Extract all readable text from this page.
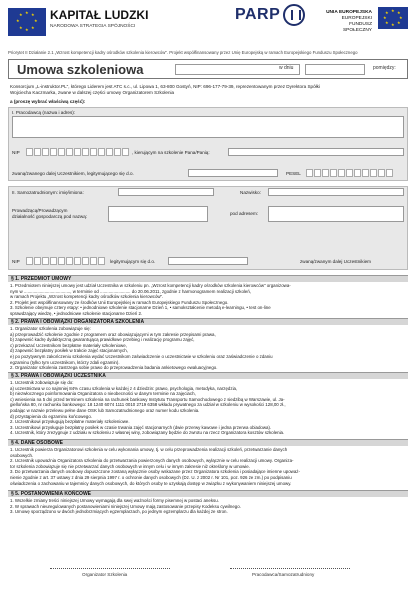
★ ★
★
★
★
★
★
★ KAPITAŁ LUDZKI
NARODOWA STRATEGIA SPÓJNOŚCI
PARP	UNIA EUROPEJSKA
EUROPEJSKI
FUNDUSZ SPOŁECZNY
★ ★
★
★
★
★
★
★
Priorytet II Działanie 2.1 „Wzrost kompetencji kadry ośrodków szkolenia kierowców". Projekt współfinansowany przez Unię Europejską w ramach Europejskiego Funduszu Społecznego
Umowa szkoleniowa	w dniu	pomiędzy:
Konsorcjum „L-instruktor.PL", którego Liderem jest ATC s.c., ul. Lipowa 1, 63-800 Gostyń, NIP: 696-177-79-39, reprezentowanym przez Dyrektora Spółki
Wojciecha Kaczmarka, zwane w dalszej części umowy Organizatorem Szkolenia
a (proszę wybrać właściwą część):
I. Pracodawcą (nazwa i adres):
NIP	, kierującym na szkolenie Pana/Panią:
zwaną/zwanego dalej Uczestnikiem, legitymującego się d.o.	PESEL
II. Samozatrudnionym: imię/imiona:	Nazwisko:
Prowadzącą/Prowadzącym
działalność gospodarczą pod nazwą:
pod adresem:
NIP	legitymującym się d.o.	zwaną/zwanym dalej Uczestnikiem
§ 1. PRZEDMIOT UMOWY
1. Przedmiotem niniejszej umowy jest udział Uczestnika w szkoleniu pn. „Wzrost kompetencji kadry ośrodków szkolenia kierowców" organizowa-
nym w ......................................, w terminie od ......................... do 20.06.2011, zgodnie z harmonogramem realizacji szkoleń,
w ramach Projektu „Wzrost kompetencji kadry ośrodków szkolenia kierowców".
2. Projekt jest współfinansowany ze środków Unii Europejskiej w ramach Europejskiego Funduszu Społecznego.
3. Szkolenie obejmuje cztery etapy: • jednodniowe szkolenie stacjonarne Dzień 1, • samokształcenie metodą e-learningu, • test on-line
sprawdzający wiedzę, • jednodniowe szkolenie stacjonarne Dzień 2.
§ 2. PRAWA I OBOWIĄZKI ORGANIZATORA SZKOLENIA
1. Organizator szkolenia zobowiązuje się:
a) przeprowadzić szkolenie zgodnie z programem oraz obowiązującymi w tym zakresie przepisami prawa,
b) zapewnić kadrę dydaktyczną gwarantującą prawidłowe przebieg i realizację programu zajęć,
c) przekazać Uczestnikom bezpłatne materiały szkoleniowe,
d) zapewnić bezpłatny posiłek w trakcie zajęć stacjonarnych,
e) po pozytywnym zakończeniu szkolenia wydać Uczestnikom zaświadczenie o uczestnictwie w szkoleniu oraz zaświadczenie o zdaniu
egzaminu (tylko tym uczestnikom, którzy zdali egzamin).
2. Organizator szkolenia zastrzega sobie prawo do przeprowadzenia badania ankietowego ewaluacyjnego.
§ 3. PRAWA I OBOWIĄZKI UCZESTNIKA
1. Uczestnik zobowiązuje się do:
a) uczestnictwa w co najmniej 84% czasu szkolenia w każdej z 4 dziedzin: prawo, psychologia, metodyka, narzędzia,
b) niezwłocznego poinformowania Organizatora o nieobecności w danym terminie na zajęciach,
c) wniesienia na 5 dni przed terminem szkolenia na rachunek bankowy Instytutu Transportu Samochodowego z siedzibą w Warszawie, ul. Ja-
giellońska 80, nr rachunku bankowego: 18 1240 6074 1111 0010 2719 6358 wkładu prywatnego za udział w szkoleniu w wysokości 128,00 zł.,
podając w nazwie przelewu pełne dane OSK lub Samozatrudnionego oraz numer kodu szkolenia.
d) przystąpienia do egzaminu końcowego.
2. Uczestnikowi przysługują bezpłatne materiały szkoleniowe.
3. Uczestnikowi przysługuje bezpłatny posiłek w czasie trwania zajęć stacjonarnych (dwie przerwy kawowe i jedna przerwa obiadowa).
4. Uczestnik, który zrezygnuje z udziału w szkoleniu z własnej winy, zobowiązany będzie do zwrotu na rzecz Organizatora kosztów szkolenia.
§ 4. DANE OSOBOWE
1. Uczestnik powierza Organizatorowi szkolenia w celu wykonania umowy, tj. w celu przeprowadzenia realizacji szkoleń, przetwarzanie danych
osobowych.
2. Uczestnik upoważnia Organizatora szkolenia do przetwarzania powierzonych danych osobowych, wyłącznie w celu realizacji umowy. Organiza-
tor szkolenia zobowiązuje się nie przetwarzać danych osobowych w innym celu i w innym zakresie niż określony w umowie.
3. Do przetwarzania danych osobowy dopuszczone zostaną wyłącznie osoby wskazane przez Organizatora szkolenia i posiadające imienne upoważ-
nienie zgodnie z art. 37 ustawy z dnia 29 sierpnia 1997 r. o ochronie danych osobowych (Dz. U. z 2002 r. Nr 101, poz. 926 ze zm.) po podpisaniu
oświadczenia o zachowaniu w tajemnicy danych osobowych, do których osoby te uzyskają dostęp w związku z wykonywaniem niniejszej umowy.
§ 5. POSTANOWIENIA KOŃCOWE
1. Wszelkie zmiany treści niniejszej Umowy wymagają dla swej ważności formy pisemnej w postaci aneksu.
2. W sprawach nieuregulowanych postanowieniami niniejszej Umowy mają zastosowanie przepisy Kodeksu cywilnego.
3. Umowę sporządzono w dwóch jednobrzmiących egzemplarzach, po jednym egzemplarzu dla każdej ze stron.
Organizator Szkolenia	Pracodawca/Samozatrudniony
